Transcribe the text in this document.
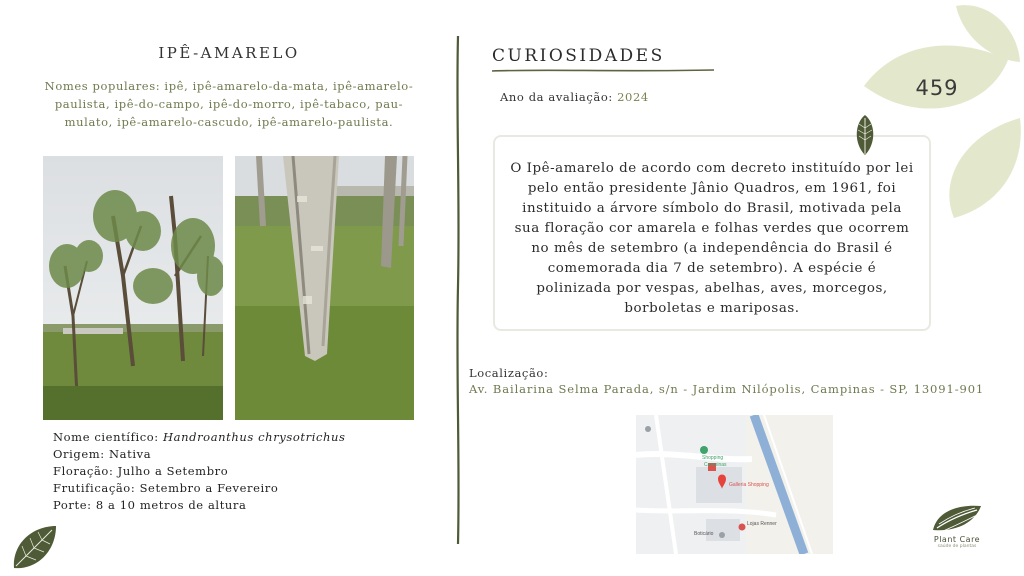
IPÊ-AMARELO
Nomes populares: ipê, ipê-amarelo-da-mata, ipê-amarelo-paulista, ipê-do-campo, ipê-do-morro, ipê-tabaco, pau-mulato, ipê-amarelo-cascudo, ipê-amarelo-paulista.
Nome científico: Handroanthus chrysotrichus
Origem: Nativa
Floração: Julho a Setembro
Frutificação: Setembro a Fevereiro
Porte: 8 a 10 metros de altura
CURIOSIDADES
Ano da avaliação: 2024
O Ipê-amarelo de acordo com decreto instituído por lei pelo então presidente Jânio Quadros, em 1961, foi instituido a árvore símbolo do Brasil, motivada pela sua floração cor amarela e folhas verdes que ocorrem no mês de setembro (a independência do Brasil é comemorada dia 7 de setembro). A espécie é polinizada por vespas, abelhas, aves, morcegos, borboletas e mariposas.
Localização:
Av. Bailarina Selma Parada, s/n - Jardim Nilópolis, Campinas - SP, 13091-901
Shopping
Campinas
Galleria Shopping
Lojas Renner
Boticário
459
Plant Care
saúde de plantas
